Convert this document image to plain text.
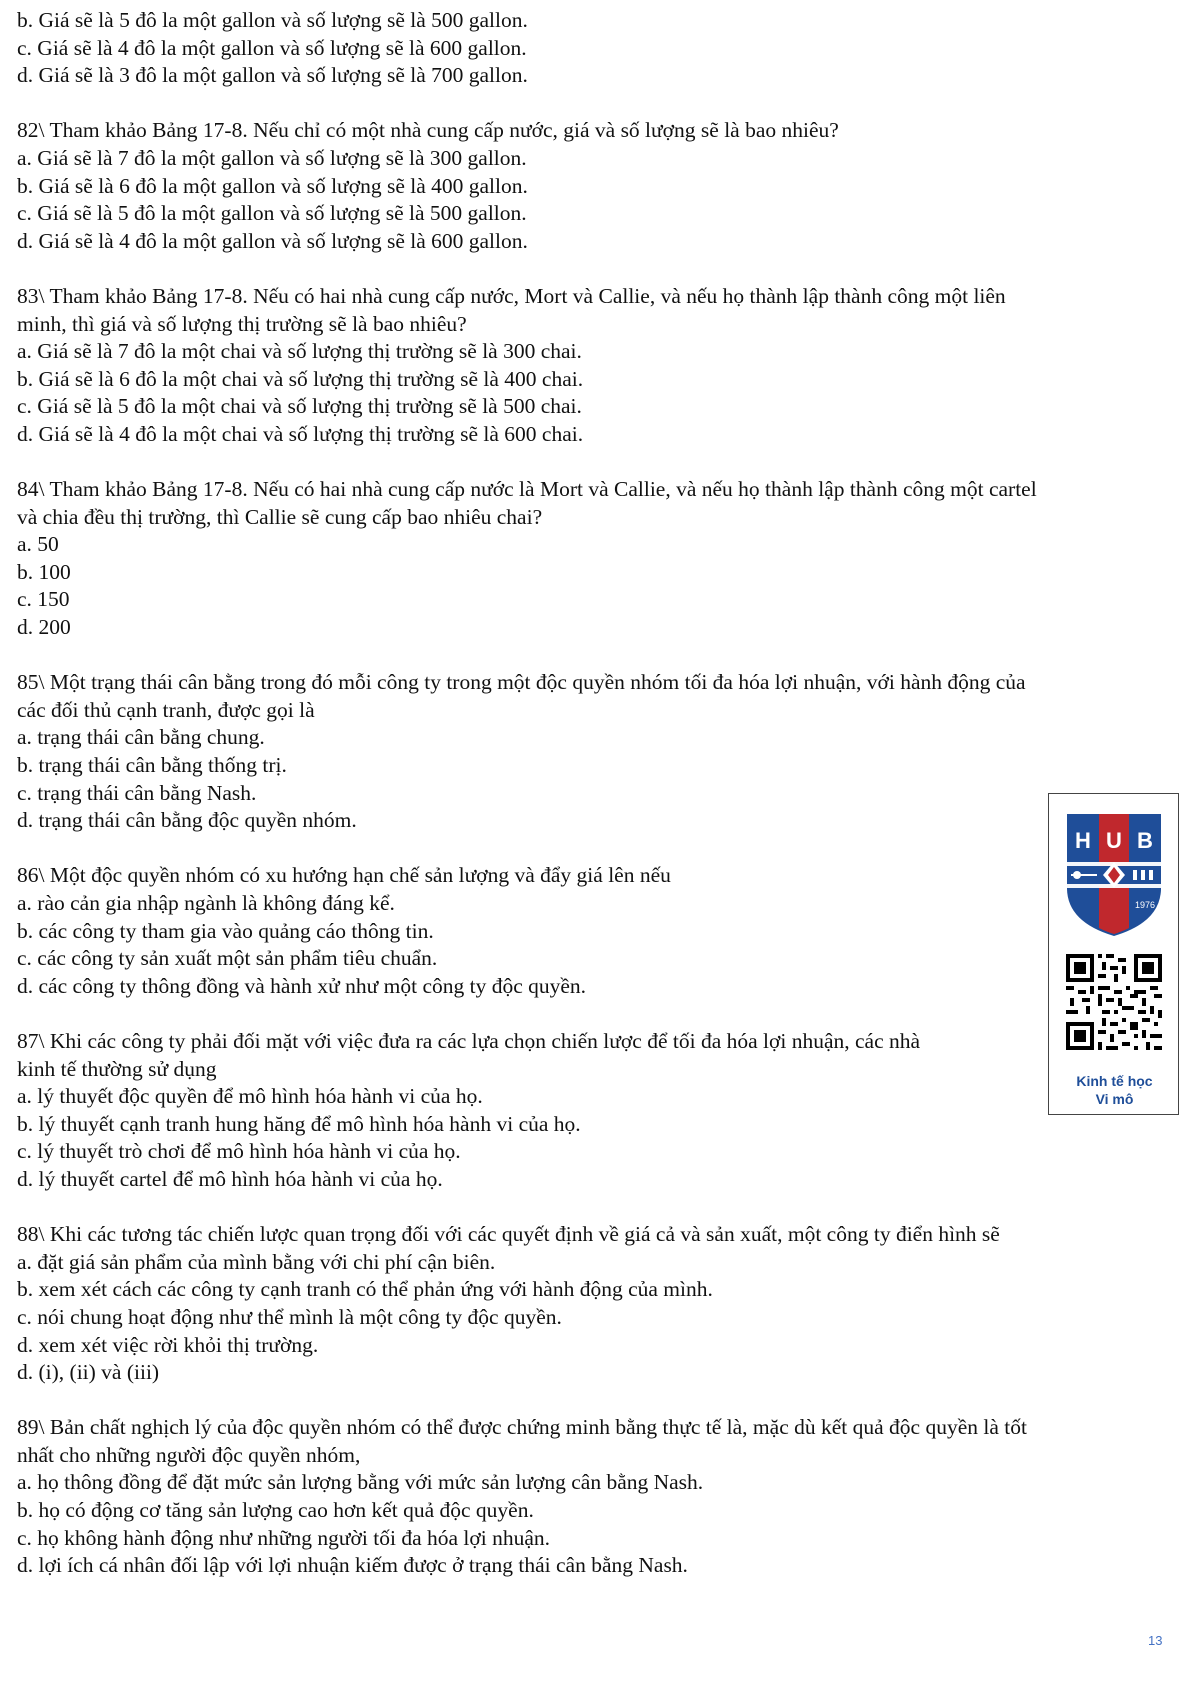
b. Giá sẽ là 5 đô la một gallon và số lượng sẽ là 500 gallon.
c. Giá sẽ là 4 đô la một gallon và số lượng sẽ là 600 gallon.
d. Giá sẽ là 3 đô la một gallon và số lượng sẽ là 700 gallon.
82\ Tham khảo Bảng 17-8. Nếu chỉ có một nhà cung cấp nước, giá và số lượng sẽ là bao nhiêu?
a. Giá sẽ là 7 đô la một gallon và số lượng sẽ là 300 gallon.
b. Giá sẽ là 6 đô la một gallon và số lượng sẽ là 400 gallon.
c. Giá sẽ là 5 đô la một gallon và số lượng sẽ là 500 gallon.
d. Giá sẽ là 4 đô la một gallon và số lượng sẽ là 600 gallon.
83\ Tham khảo Bảng 17-8. Nếu có hai nhà cung cấp nước, Mort và Callie, và nếu họ thành lập thành công một liên
minh, thì giá và số lượng thị trường sẽ là bao nhiêu?
a. Giá sẽ là 7 đô la một chai và số lượng thị trường sẽ là 300 chai.
b. Giá sẽ là 6 đô la một chai và số lượng thị trường sẽ là 400 chai.
c. Giá sẽ là 5 đô la một chai và số lượng thị trường sẽ là 500 chai.
d. Giá sẽ là 4 đô la một chai và số lượng thị trường sẽ là 600 chai.
84\ Tham khảo Bảng 17-8. Nếu có hai nhà cung cấp nước là Mort và Callie, và nếu họ thành lập thành công một cartel
và chia đều thị trường, thì Callie sẽ cung cấp bao nhiêu chai?
a. 50
b. 100
c. 150
d. 200
85\ Một trạng thái cân bằng trong đó mỗi công ty trong một độc quyền nhóm tối đa hóa lợi nhuận, với hành động của
các đối thủ cạnh tranh, được gọi là
a. trạng thái cân bằng chung.
b. trạng thái cân bằng thống trị.
c. trạng thái cân bằng Nash.
d. trạng thái cân bằng độc quyền nhóm.
86\ Một độc quyền nhóm có xu hướng hạn chế sản lượng và đẩy giá lên nếu
a. rào cản gia nhập ngành là không đáng kể.
b. các công ty tham gia vào quảng cáo thông tin.
c. các công ty sản xuất một sản phẩm tiêu chuẩn.
d. các công ty thông đồng và hành xử như một công ty độc quyền.
87\ Khi các công ty phải đối mặt với việc đưa ra các lựa chọn chiến lược để tối đa hóa lợi nhuận, các nhà
kinh tế thường sử dụng
a. lý thuyết độc quyền để mô hình hóa hành vi của họ.
b. lý thuyết cạnh tranh hung hăng để mô hình hóa hành vi của họ.
c. lý thuyết trò chơi để mô hình hóa hành vi của họ.
d. lý thuyết cartel để mô hình hóa hành vi của họ.
88\ Khi các tương tác chiến lược quan trọng đối với các quyết định về giá cả và sản xuất, một công ty điển hình sẽ
a. đặt giá sản phẩm của mình bằng với chi phí cận biên.
b. xem xét cách các công ty cạnh tranh có thể phản ứng với hành động của mình.
c. nói chung hoạt động như thể mình là một công ty độc quyền.
d. xem xét việc rời khỏi thị trường.
d. (i), (ii) và (iii)
89\ Bản chất nghịch lý của độc quyền nhóm có thể được chứng minh bằng thực tế là, mặc dù kết quả độc quyền là tốt
nhất cho những người độc quyền nhóm,
a. họ thông đồng để đặt mức sản lượng bằng với mức sản lượng cân bằng Nash.
b. họ có động cơ tăng sản lượng cao hơn kết quả độc quyền.
c. họ không hành động như những người tối đa hóa lợi nhuận.
d. lợi ích cá nhân đối lập với lợi nhuận kiếm được ở trạng thái cân bằng Nash.
H U B
1976
Kinh tế học
Vi mô
13
